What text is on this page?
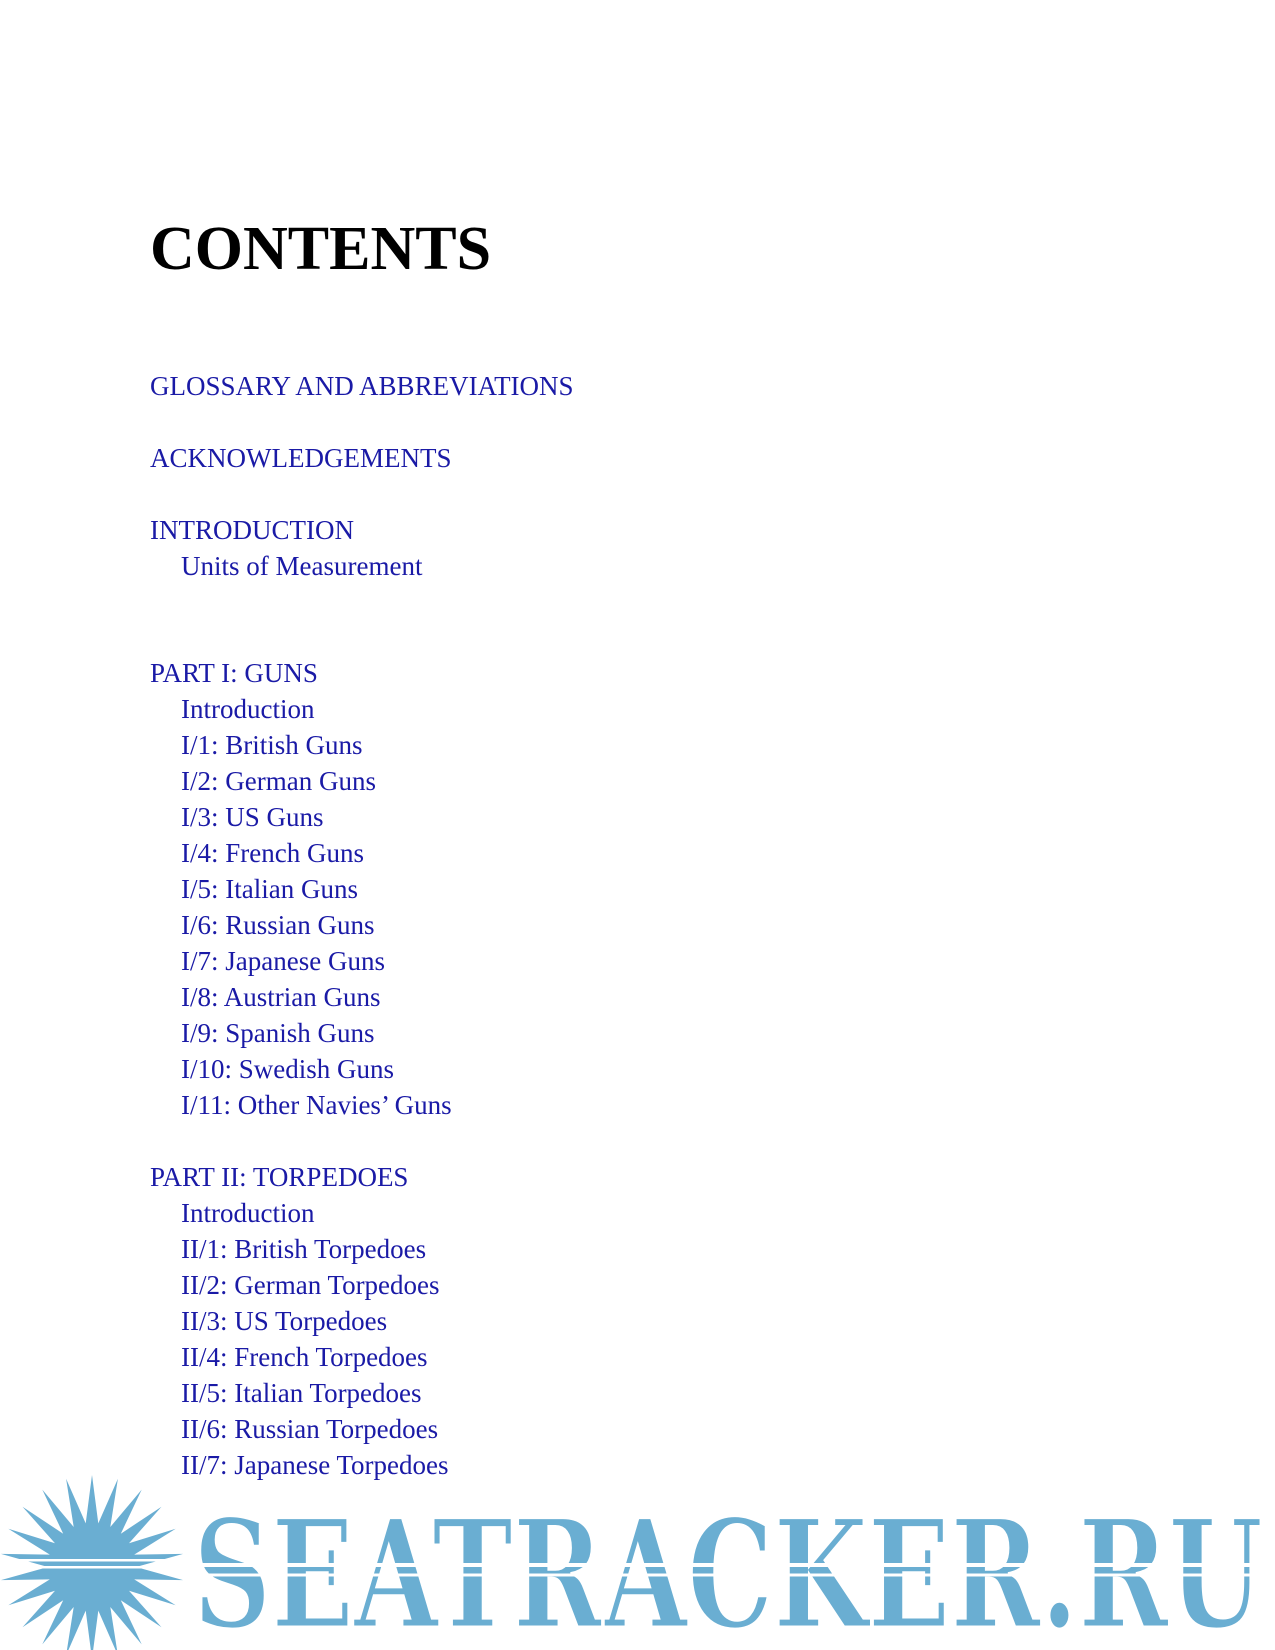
CONTENTS
GLOSSARY AND ABBREVIATIONS
ACKNOWLEDGEMENTS
INTRODUCTION
Units of Measurement
PART I: GUNS
Introduction
I/1: British Guns
I/2: German Guns
I/3: US Guns
I/4: French Guns
I/5: Italian Guns
I/6: Russian Guns
I/7: Japanese Guns
I/8: Austrian Guns
I/9: Spanish Guns
I/10: Swedish Guns
I/11: Other Navies’ Guns
PART II: TORPEDOES
Introduction
II/1: British Torpedoes
II/2: German Torpedoes
II/3: US Torpedoes
II/4: French Torpedoes
II/5: Italian Torpedoes
II/6: Russian Torpedoes
II/7: Japanese Torpedoes
SEATRACKER.RU
